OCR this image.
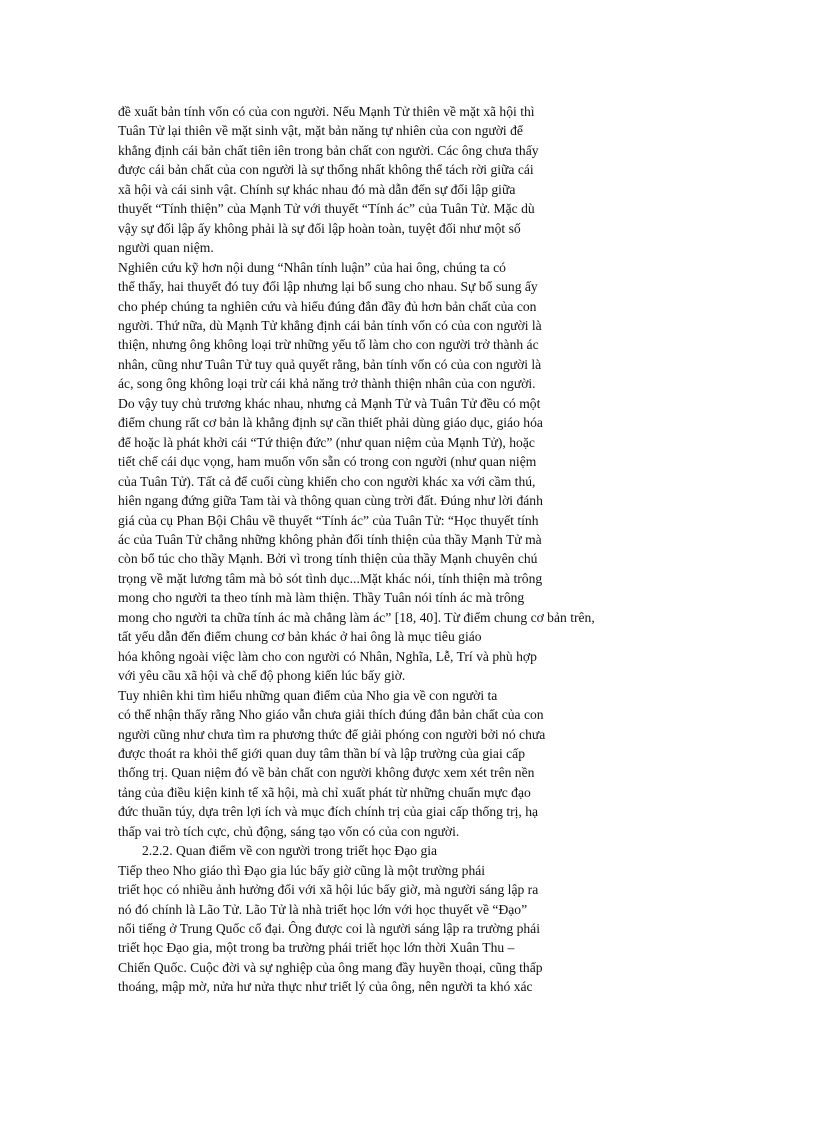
đề xuất bản tính vốn có của con người. Nếu Mạnh Tử thiên về mặt xã hội thì
Tuân Tử lại thiên về mặt sinh vật, mặt bản năng tự nhiên của con người để
khẳng định cái bản chất tiên iên trong bản chất con người. Các ông chưa thấy
được cái bản chất của con người là sự thống nhất không thể tách rời giữa cái
xã hội và cái sinh vật. Chính sự khác nhau đó mà dẫn đến sự đối lập giữa
thuyết “Tính thiện” của Mạnh Tử với thuyết “Tính ác” của Tuân Tử. Mặc dù
vậy sự đối lập ấy không phải là sự đối lập hoàn toàn, tuyệt đối như một số
người quan niệm.
Nghiên cứu kỹ hơn nội dung “Nhân tính luận” của hai ông, chúng ta có
thể thấy, hai thuyết đó tuy đối lập nhưng lại bổ sung cho nhau. Sự bổ sung ấy
cho phép chúng ta nghiên cứu và hiểu đúng đắn đầy đủ hơn bản chất của con
người. Thứ nữa, dù Mạnh Tử khẳng định cái bản tính vốn có của con người là
thiện, nhưng ông không loại trừ những yếu tố làm cho con người trở thành ác
nhân, cũng như Tuân Tử tuy quả quyết rằng, bản tính vốn có của con người là
ác, song ông không loại trừ cái khả năng trở thành thiện nhân của con người.
Do vậy tuy chủ trương khác nhau, nhưng cả Mạnh Tử và Tuân Tử đều có một
điểm chung rất cơ bản là khẳng định sự cần thiết phải dùng giáo dục, giáo hóa
để hoặc là phát khởi cái “Tứ thiện đức” (như quan niệm của Mạnh Tử), hoặc
tiết chế cái dục vọng, ham muốn vốn sẵn có trong con người (như quan niệm
của Tuân Tử). Tất cả để cuối cùng khiến cho con người khác xa với cầm thú,
hiên ngang đứng giữa Tam tài và thông quan cùng trời đất. Đúng như lời đánh
giá của cụ Phan Bội Châu về thuyết “Tính ác” của Tuân Tử: “Học thuyết tính
ác của Tuân Tử chẳng những không phản đối tính thiện của thầy Mạnh Tử mà
còn bổ túc cho thầy Mạnh. Bởi vì trong tính thiện của thầy Mạnh chuyên chú
trọng về mặt lương tâm mà bỏ sót tình dục...Mặt khác nói, tính thiện mà trông
mong cho người ta theo tính mà làm thiện. Thầy Tuân nói tính ác mà trông
mong cho người ta chữa tính ác mà chẳng làm ác” [18, 40]. Từ điểm chung cơ bản trên,
tất yếu dẫn đến điểm chung cơ bản khác ở hai ông là mục tiêu giáo
hóa không ngoài việc làm cho con người có Nhân, Nghĩa, Lễ, Trí và phù hợp
với yêu cầu xã hội và chế độ phong kiến lúc bấy giờ.
Tuy nhiên khi tìm hiểu những quan điểm của Nho gia về con người ta
có thể nhận thấy rằng Nho giáo vẫn chưa giải thích đúng đắn bản chất của con
người cũng như chưa tìm ra phương thức để giải phóng con người bởi nó chưa
được thoát ra khỏi thế giới quan duy tâm thần bí và lập trường của giai cấp
thống trị. Quan niệm đó về bản chất con người không được xem xét trên nền
tảng của điều kiện kinh tế xã hội, mà chỉ xuất phát từ những chuẩn mực đạo
đức thuần túy, dựa trên lợi ích và mục đích chính trị của giai cấp thống trị, hạ
thấp vai trò tích cực, chủ động, sáng tạo vốn có của con người.
2.2.2. Quan điểm về con người trong triết học Đạo gia
Tiếp theo Nho giáo thì Đạo gia lúc bấy giờ cũng là một trường phái
triết học có nhiều ảnh hưởng đối với xã hội lúc bấy giờ, mà người sáng lập ra
nó đó chính là Lão Tử. Lão Tử là nhà triết học lớn với học thuyết về “Đạo”
nổi tiếng ở Trung Quốc cổ đại. Ông được coi là người sáng lập ra trường phái
triết học Đạo gia, một trong ba trường phái triết học lớn thời Xuân Thu –
Chiến Quốc. Cuộc đời và sự nghiệp của ông mang đầy huyền thoại, cũng thấp
thoáng, mập mờ, nửa hư nửa thực như triết lý của ông, nên người ta khó xác
